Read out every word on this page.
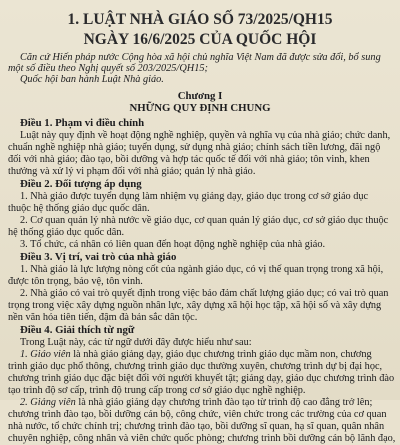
1. LUẬT NHÀ GIÁO SỐ 73/2025/QH15
NGÀY 16/6/2025 CỦA QUỐC HỘI
Căn cứ Hiến pháp nước Cộng hòa xã hội chủ nghĩa Việt Nam đã được sửa đổi, bổ sung
một số điều theo Nghị quyết số 203/2025/QH15;
Quốc hội ban hành Luật Nhà giáo.
Chương I
NHỮNG QUY ĐỊNH CHUNG
Điều 1. Phạm vi điều chỉnh
Luật này quy định về hoạt động nghề nghiệp, quyền và nghĩa vụ của nhà giáo; chức danh,
chuẩn nghề nghiệp nhà giáo; tuyển dụng, sử dụng nhà giáo; chính sách tiền lương, đãi ngộ
đối với nhà giáo; đào tạo, bồi dưỡng và hợp tác quốc tế đối với nhà giáo; tôn vinh, khen
thưởng và xử lý vi phạm đối với nhà giáo; quản lý nhà giáo.
Điều 2. Đối tượng áp dụng
1. Nhà giáo được tuyển dụng làm nhiệm vụ giảng dạy, giáo dục trong cơ sở giáo dục
thuộc hệ thống giáo dục quốc dân.
2. Cơ quan quản lý nhà nước về giáo dục, cơ quan quản lý giáo dục, cơ sở giáo dục thuộc
hệ thống giáo dục quốc dân.
3. Tổ chức, cá nhân có liên quan đến hoạt động nghề nghiệp của nhà giáo.
Điều 3. Vị trí, vai trò của nhà giáo
1. Nhà giáo là lực lượng nòng cốt của ngành giáo dục, có vị thế quan trọng trong xã hội,
được tôn trọng, bảo vệ, tôn vinh.
2. Nhà giáo có vai trò quyết định trong việc bảo đảm chất lượng giáo dục; có vai trò quan
trọng trong việc xây dựng nguồn nhân lực, xây dựng xã hội học tập, xã hội số và xây dựng
nền văn hóa tiên tiến, đậm đà bản sắc dân tộc.
Điều 4. Giải thích từ ngữ
Trong Luật này, các từ ngữ dưới đây được hiểu như sau:
1. Giáo viên là nhà giáo giảng dạy, giáo dục chương trình giáo dục mầm non, chương
trình giáo dục phổ thông, chương trình giáo dục thường xuyên, chương trình dự bị đại học,
chương trình giáo dục đặc biệt đối với người khuyết tật; giảng dạy, giáo dục chương trình đào
tạo trình độ sơ cấp, trình độ trung cấp trong cơ sở giáo dục nghề nghiệp.
2. Giảng viên là nhà giáo giảng dạy chương trình đào tạo từ trình độ cao đẳng trở lên;
chương trình đào tạo, bồi dưỡng cán bộ, công chức, viên chức trong các trường của cơ quan
nhà nước, tổ chức chính trị; chương trình đào tạo, bồi dưỡng sĩ quan, hạ sĩ quan, quân nhân
chuyên nghiệp, công nhân và viên chức quốc phòng; chương trình bồi dưỡng cán bộ lãnh đạo,
